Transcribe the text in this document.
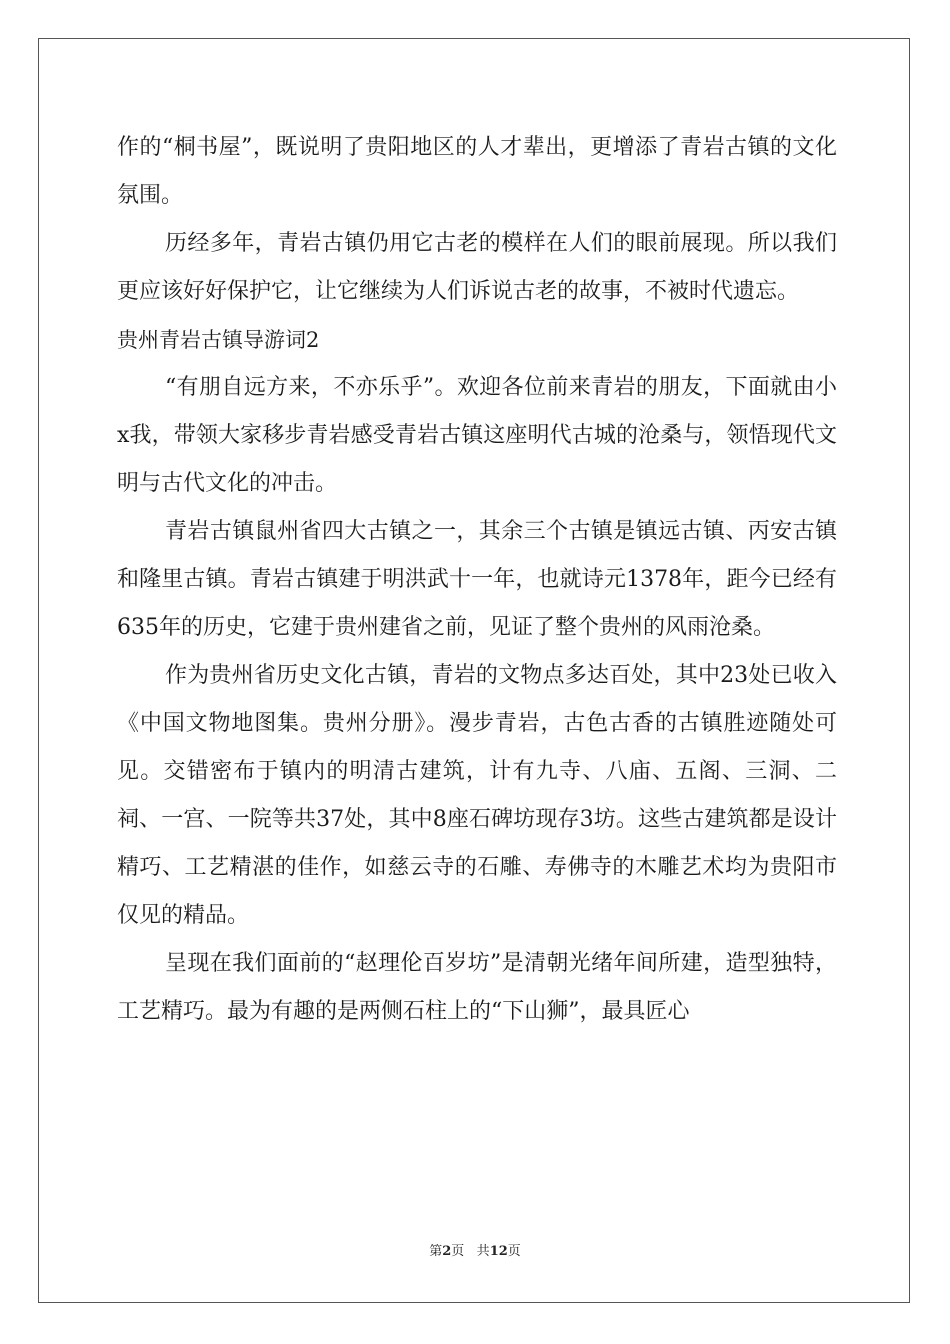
作的“桐书屋”，既说明了贵阳地区的人才辈出，更增添了青岩古镇的文化氛围。

历经多年，青岩古镇仍用它古老的模样在人们的眼前展现。所以我们更应该好好保护它，让它继续为人们诉说古老的故事，不被时代遗忘。

贵州青岩古镇导游词2

“有朋自远方来，不亦乐乎”。欢迎各位前来青岩的朋友，下面就由小x我，带领大家移步青岩感受青岩古镇这座明代古城的沧桑与，领悟现代文明与古代文化的冲击。

青岩古镇鼠州省四大古镇之一，其余三个古镇是镇远古镇、丙安古镇和隆里古镇。青岩古镇建于明洪武十一年，也就诗元1378年，距今已经有635年的历史，它建于贵州建省之前，见证了整个贵州的风雨沧桑。

作为贵州省历史文化古镇，青岩的文物点多达百处，其中23处已收入《中国文物地图集。贵州分册》。漫步青岩，古色古香的古镇胜迹随处可见。交错密布于镇内的明清古建筑，计有九寺、八庙、五阁、三洞、二祠、一宫、一院等共37处，其中8座石碑坊现存3坊。这些古建筑都是设计精巧、工艺精湛的佳作，如慈云寺的石雕、寿佛寺的木雕艺术均为贵阳市仅见的精品。

呈现在我们面前的“赵理伦百岁坊”是清朝光绪年间所建，造型独特，工艺精巧。最为有趣的是两侧石柱上的“下山狮”，最具匠心

第2页 共12页
